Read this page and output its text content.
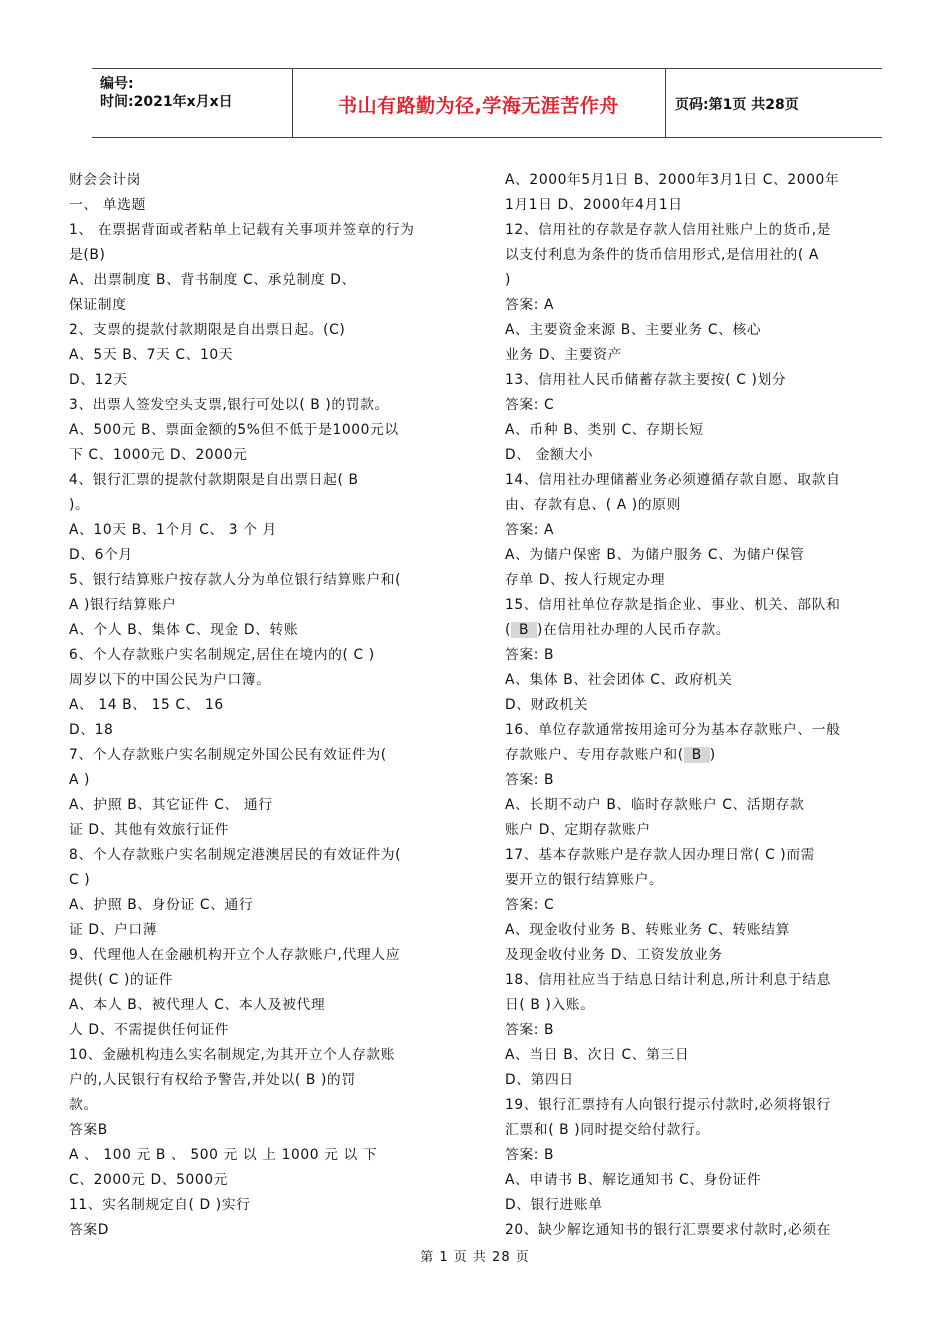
编号:
时间:2021年x月x日	书山有路勤为径,学海无涯苦作舟	页码:第1页 共28页
财会会计岗
一、 单选题
1、 在票据背面或者粘单上记载有关事项并签章的行为
是(B)
A、出票制度 B、背书制度 C、承兑制度 D、
保证制度
2、支票的提款付款期限是自出票日起。(C)
A、5天 B、7天 C、10天
D、12天
3、出票人签发空头支票,银行可处以( B )的罚款。
A、500元 B、票面金额的5%但不低于是1000元以
下 C、1000元 D、2000元
4、银行汇票的提款付款期限是自出票日起( B
)。
A、10天 B、1个月 C、 3 个 月
D、6个月
5、银行结算账户按存款人分为单位银行结算账户和(
A )银行结算账户
A、个人 B、集体 C、现金 D、转账
6、个人存款账户实名制规定,居住在境内的( C )
周岁以下的中国公民为户口簿。
A、 14 B、 15 C、 16
D、18
7、个人存款账户实名制规定外国公民有效证件为(
A )
A、护照 B、其它证件 C、 通行
证 D、其他有效旅行证件
8、个人存款账户实名制规定港澳居民的有效证件为(
C )
A、护照 B、身份证 C、通行
证 D、户口薄
9、代理他人在金融机构开立个人存款账户,代理人应
提供( C )的证件
A、本人 B、被代理人 C、本人及被代理
人 D、不需提供任何证件
10、金融机构违么实名制规定,为其开立个人存款账
户的,人民银行有权给予警告,并处以( B )的罚
款。
答案B
A 、 100 元 B 、 500 元 以 上 1000 元 以 下
C、2000元 D、5000元
11、实名制规定自( D )实行
答案D
A、2000年5月1日 B、2000年3月1日 C、2000年
1月1日 D、2000年4月1日
12、信用社的存款是存款人信用社账户上的货币,是
以支付利息为条件的货币信用形式,是信用社的( A
)
答案: A
A、主要资金来源 B、主要业务 C、核心
业务 D、主要资产
13、信用社人民币储蓄存款主要按( C )划分
答案: C
A、币种 B、类别 C、存期长短
D、 金额大小
14、信用社办理储蓄业务必须遵循存款自愿、取款自
由、存款有息、( A )的原则
答案: A
A、为储户保密 B、为储户服务 C、为储户保管
存单 D、按人行规定办理
15、信用社单位存款是指企业、事业、机关、部队和
( B )在信用社办理的人民币存款。
答案: B
A、集体 B、社会团体 C、政府机关
D、财政机关
16、单位存款通常按用途可分为基本存款账户、一般
存款账户、专用存款账户和( B )
答案: B
A、长期不动户 B、临时存款账户 C、活期存款
账户 D、定期存款账户
17、基本存款账户是存款人因办理日常( C )而需
要开立的银行结算账户。
答案: C
A、现金收付业务 B、转账业务 C、转账结算
及现金收付业务 D、工资发放业务
18、信用社应当于结息日结计利息,所计利息于结息
日( B )入账。
答案: B
A、当日 B、次日 C、第三日
D、第四日
19、银行汇票持有人向银行提示付款时,必须将银行
汇票和( B )同时提交给付款行。
答案: B
A、申请书 B、解讫通知书 C、身份证件
D、银行进账单
20、缺少解讫通知书的银行汇票要求付款时,必须在
第 1 页 共 28 页
